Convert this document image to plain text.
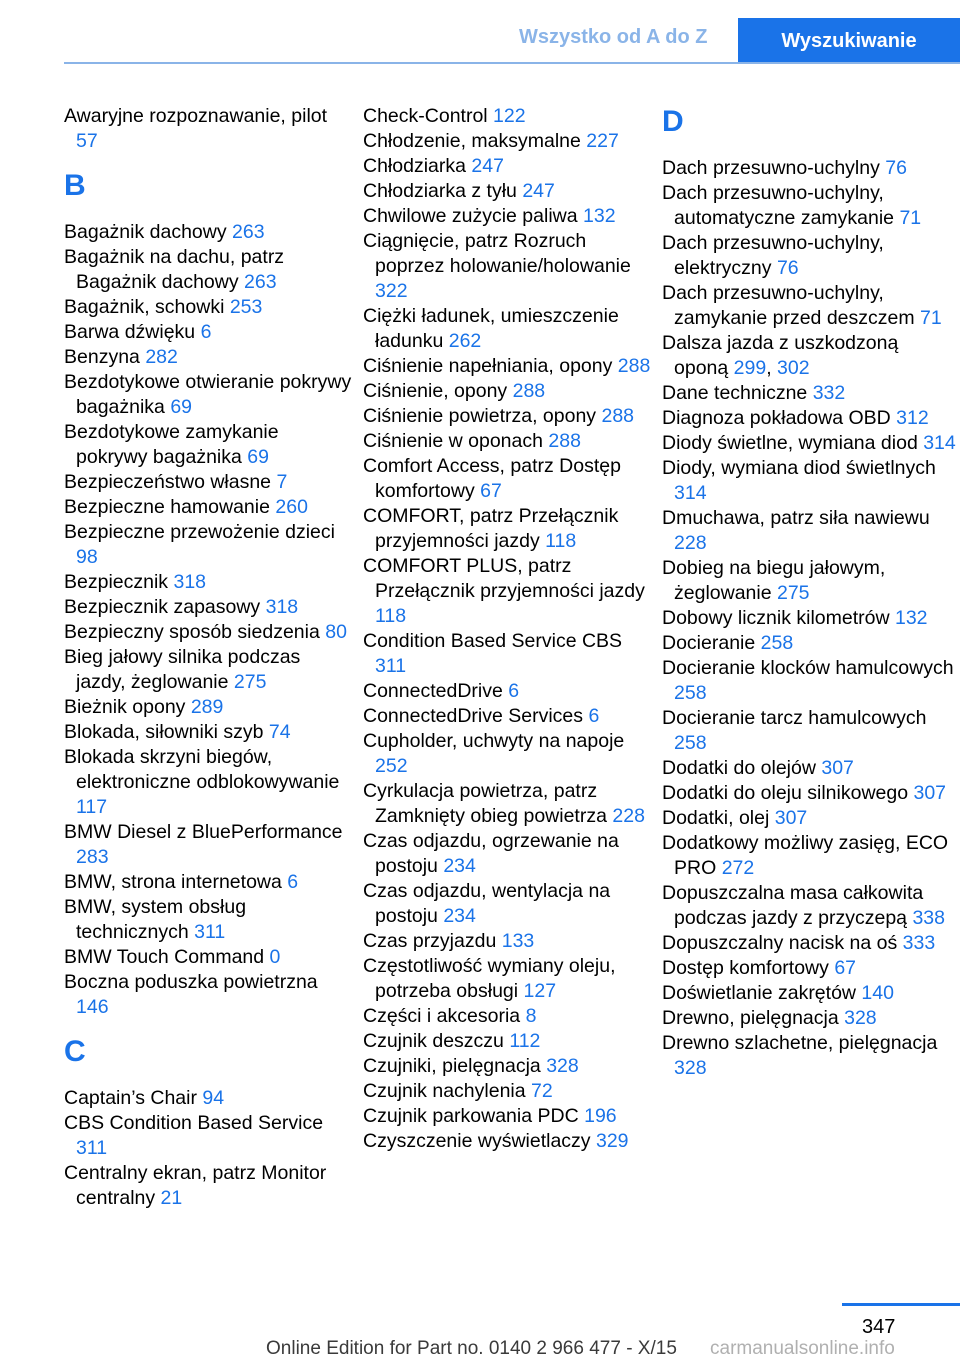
Wszystko od A do Z	Wyszukiwanie

Awaryjne rozpoznawanie, pilot 57

B

Bagażnik dachowy 263

Bagażnik na dachu, patrz Bagażnik dachowy 263

Bagażnik, schowki 253

Barwa dźwięku 6

Benzyna 282

Bezdotykowe otwieranie pokrywy bagażnika 69

Bezdotykowe zamykanie pokrywy bagażnika 69

Bezpieczeństwo własne 7

Bezpieczne hamowanie 260

Bezpieczne przewożenie dzieci 98

Bezpiecznik 318

Bezpiecznik zapasowy 318

Bezpieczny sposób siedzenia 80

Bieg jałowy silnika podczas jazdy, żeglowanie 275

Bieżnik opony 289

Blokada, siłowniki szyb 74

Blokada skrzyni biegów, elektroniczne odblokowywanie 117

BMW Diesel z BluePerformance 283

BMW, strona internetowa 6

BMW, system obsług technicznych 311

BMW Touch Command 0

Boczna poduszka powietrzna 146

C

Captain’s Chair 94

CBS Condition Based Service 311

Centralny ekran, patrz Monitor centralny 21

Check-Control 122

Chłodzenie, maksymalne 227

Chłodziarka 247

Chłodziarka z tyłu 247

Chwilowe zużycie paliwa 132

Ciągnięcie, patrz Rozruch poprzez holowanie/holowanie 322

Ciężki ładunek, umieszczenie ładunku 262

Ciśnienie napełniania, opony 288

Ciśnienie, opony 288

Ciśnienie powietrza, opony 288

Ciśnienie w oponach 288

Comfort Access, patrz Dostęp komfortowy 67

COMFORT, patrz Przełącznik przyjemności jazdy 118

COMFORT PLUS, patrz Przełącznik przyjemności jazdy 118

Condition Based Service CBS 311

ConnectedDrive 6

ConnectedDrive Services 6

Cupholder, uchwyty na napoje 252

Cyrkulacja powietrza, patrz Zamknięty obieg powietrza 228

Czas odjazdu, ogrzewanie na postoju 234

Czas odjazdu, wentylacja na postoju 234

Czas przyjazdu 133

Częstotliwość wymiany oleju, potrzeba obsługi 127

Części i akcesoria 8

Czujnik deszczu 112

Czujniki, pielęgnacja 328

Czujnik nachylenia 72

Czujnik parkowania PDC 196

Czyszczenie wyświetlaczy 329

D

Dach przesuwno-uchylny 76

Dach przesuwno-uchylny, automatyczne zamykanie 71

Dach przesuwno-uchylny, elektryczny 76

Dach przesuwno-uchylny, zamykanie przed deszczem 71

Dalsza jazda z uszkodzoną oponą 299, 302

Dane techniczne 332

Diagnoza pokładowa OBD 312

Diody świetlne, wymiana diod 314

Diody, wymiana diod świetlnych 314

Dmuchawa, patrz siła nawiewu 228

Dobieg na biegu jałowym, żeglowanie 275

Dobowy licznik kilometrów 132

Docieranie 258

Docieranie klocków hamulcowych 258

Docieranie tarcz hamulcowych 258

Dodatki do olejów 307

Dodatki do oleju silnikowego 307

Dodatki, olej 307

Dodatkowy możliwy zasięg, ECO PRO 272

Dopuszczalna masa całkowita podczas jazdy z przyczepą 338

Dopuszczalny nacisk na oś 333

Dostęp komfortowy 67

Doświetlanie zakrętów 140

Drewno, pielęgnacja 328

Drewno szlachetne, pielęgnacja 328

347
Online Edition for Part no. 0140 2 966 477 - X/15 carmanualsonline.info
